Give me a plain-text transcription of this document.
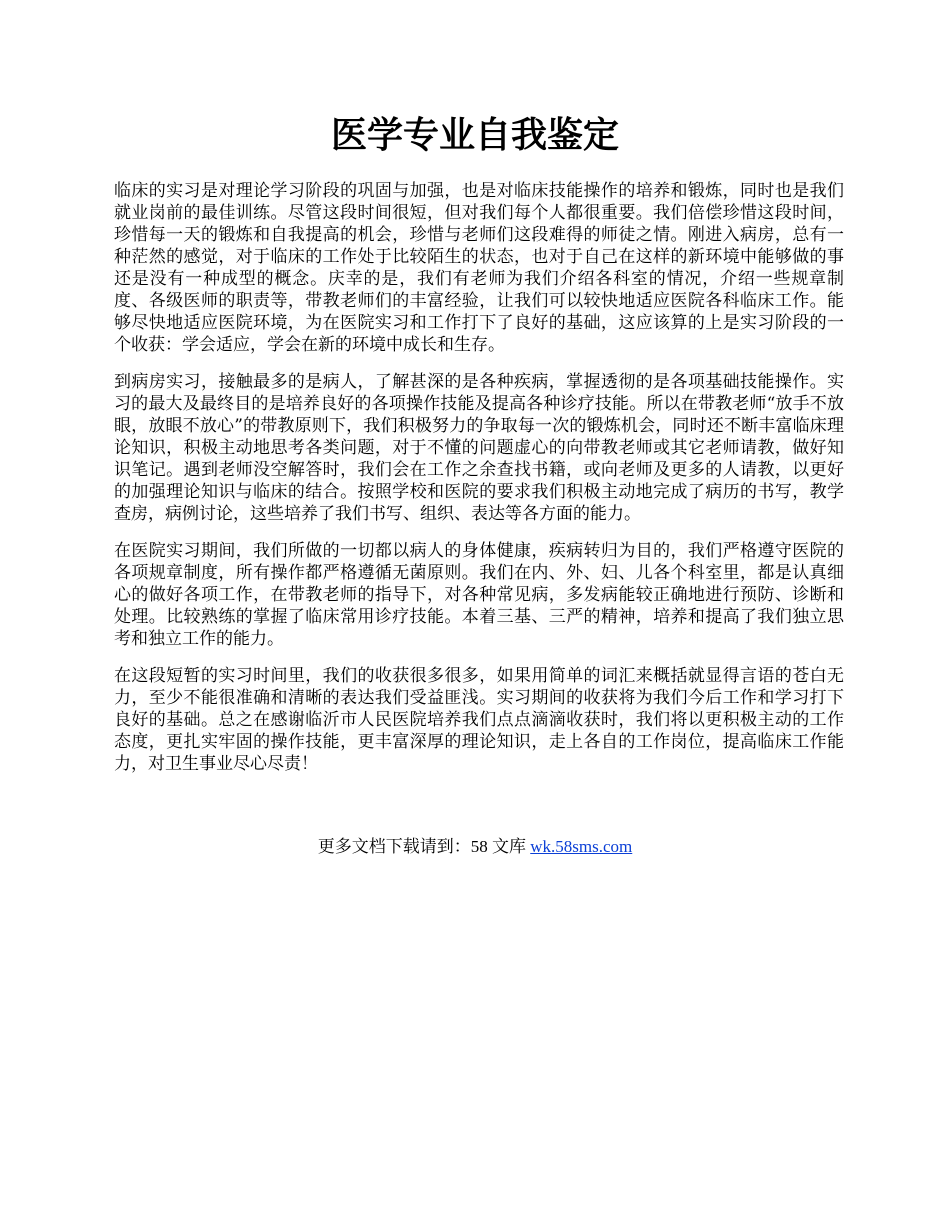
医学专业自我鉴定

临床的实习是对理论学习阶段的巩固与加强，也是对临床技能操作的培养和锻炼，同时也是我们就业岗前的最佳训练。尽管这段时间很短，但对我们每个人都很重要。我们倍偿珍惜这段时间，珍惜每一天的锻炼和自我提高的机会，珍惜与老师们这段难得的师徒之情。刚进入病房，总有一种茫然的感觉，对于临床的工作处于比较陌生的状态，也对于自己在这样的新环境中能够做的事还是没有一种成型的概念。庆幸的是，我们有老师为我们介绍各科室的情况，介绍一些规章制度、各级医师的职责等，带教老师们的丰富经验，让我们可以较快地适应医院各科临床工作。能够尽快地适应医院环境，为在医院实习和工作打下了良好的基础，这应该算的上是实习阶段的一个收获：学会适应，学会在新的环境中成长和生存。

到病房实习，接触最多的是病人，了解甚深的是各种疾病，掌握透彻的是各项基础技能操作。实习的最大及最终目的是培养良好的各项操作技能及提高各种诊疗技能。所以在带教老师“放手不放眼，放眼不放心”的带教原则下，我们积极努力的争取每一次的锻炼机会，同时还不断丰富临床理论知识，积极主动地思考各类问题，对于不懂的问题虚心的向带教老师或其它老师请教，做好知识笔记。遇到老师没空解答时，我们会在工作之余查找书籍，或向老师及更多的人请教，以更好的加强理论知识与临床的结合。按照学校和医院的要求我们积极主动地完成了病历的书写，教学查房，病例讨论，这些培养了我们书写、组织、表达等各方面的能力。

在医院实习期间，我们所做的一切都以病人的身体健康，疾病转归为目的，我们严格遵守医院的各项规章制度，所有操作都严格遵循无菌原则。我们在内、外、妇、儿各个科室里，都是认真细心的做好各项工作，在带教老师的指导下，对各种常见病，多发病能较正确地进行预防、诊断和处理。比较熟练的掌握了临床常用诊疗技能。本着三基、三严的精神，培养和提高了我们独立思考和独立工作的能力。

在这段短暂的实习时间里，我们的收获很多很多，如果用简单的词汇来概括就显得言语的苍白无力，至少不能很准确和清晰的表达我们受益匪浅。实习期间的收获将为我们今后工作和学习打下良好的基础。总之在感谢临沂市人民医院培养我们点点滴滴收获时，我们将以更积极主动的工作态度，更扎实牢固的操作技能，更丰富深厚的理论知识，走上各自的工作岗位，提高临床工作能力，对卫生事业尽心尽责！

更多文档下载请到：58 文库 wk.58sms.com
